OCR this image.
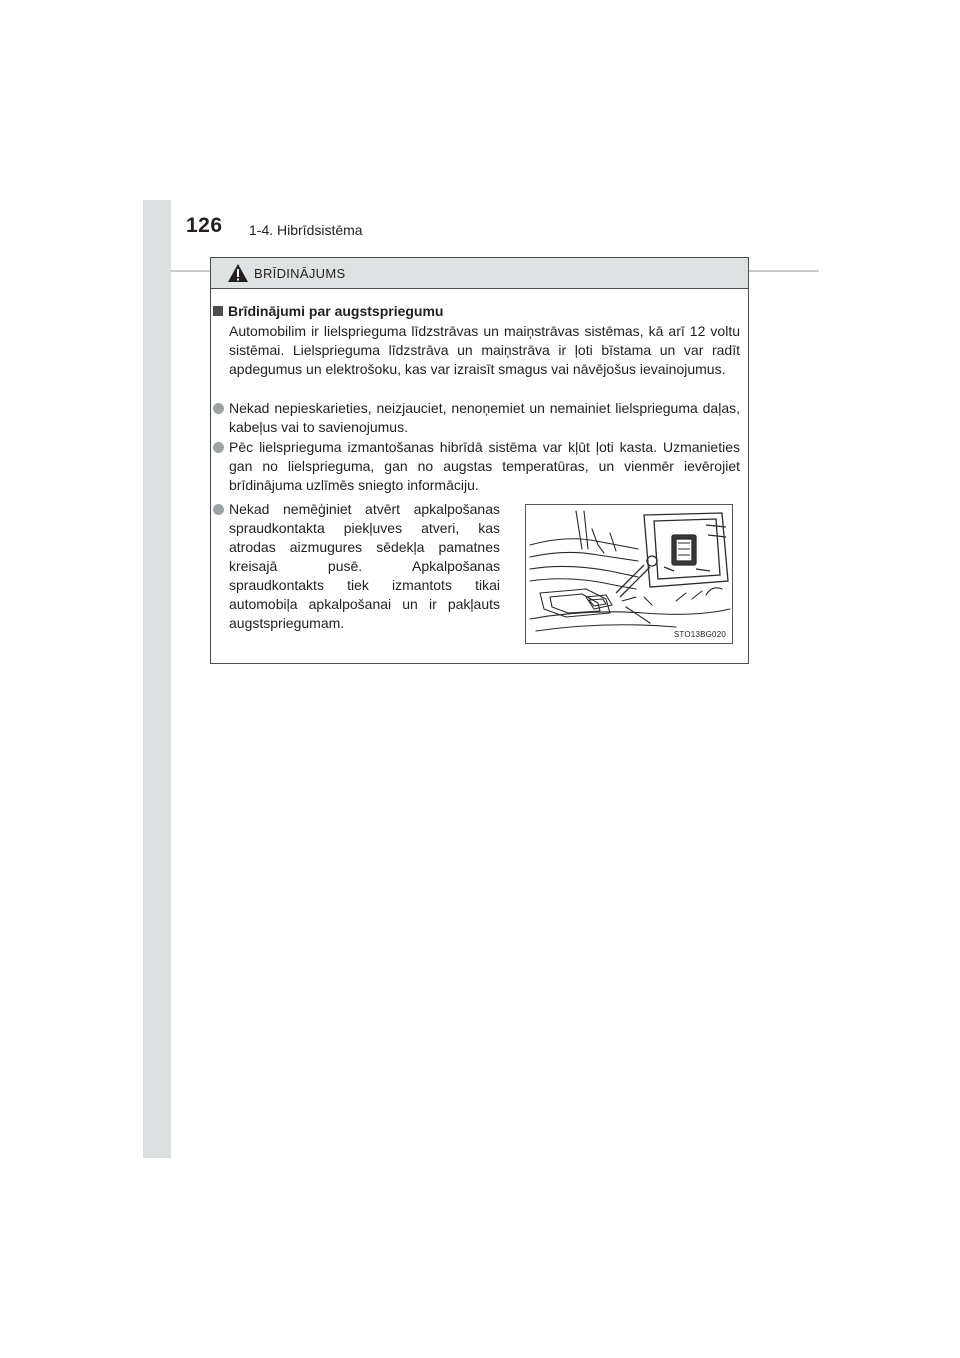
126 1-4. Hibrīdsistēma
BRĪDINĀJUMS
Brīdinājumi par augstspriegumu
Automobilim ir lielsprieguma līdzstrāvas un maiņstrāvas sistēmas, kā arī 12 voltu sistēmai. Lielsprieguma līdzstrāva un maiņstrāva ir ļoti bīstama un var radīt apdegumus un elektrošoku, kas var izraisīt smagus vai nāvējošus ievainojumus.
Nekad nepieskarieties, neizjauciet, nenoņemiet un nemainiet lielsprieguma daļas, kabeļus vai to savienojumus.
Pēc lielsprieguma izmantošanas hibrīdā sistēma var kļūt ļoti kasta. Uzmanieties gan no lielsprieguma, gan no augstas temperatūras, un vienmēr ievērojiet brīdinājuma uzlīmēs sniegto informāciju.
Nekad nemēģiniet atvērt apkalpošanas spraudkontakta piekļuves atveri, kas atrodas aizmugures sēdekļa pamatnes kreisajā pusē. Apkalpošanas spraudkontakts tiek izmantots tikai automobiļa apkalpošanai un ir pakļauts augstspriegumam.
STO13BG020
